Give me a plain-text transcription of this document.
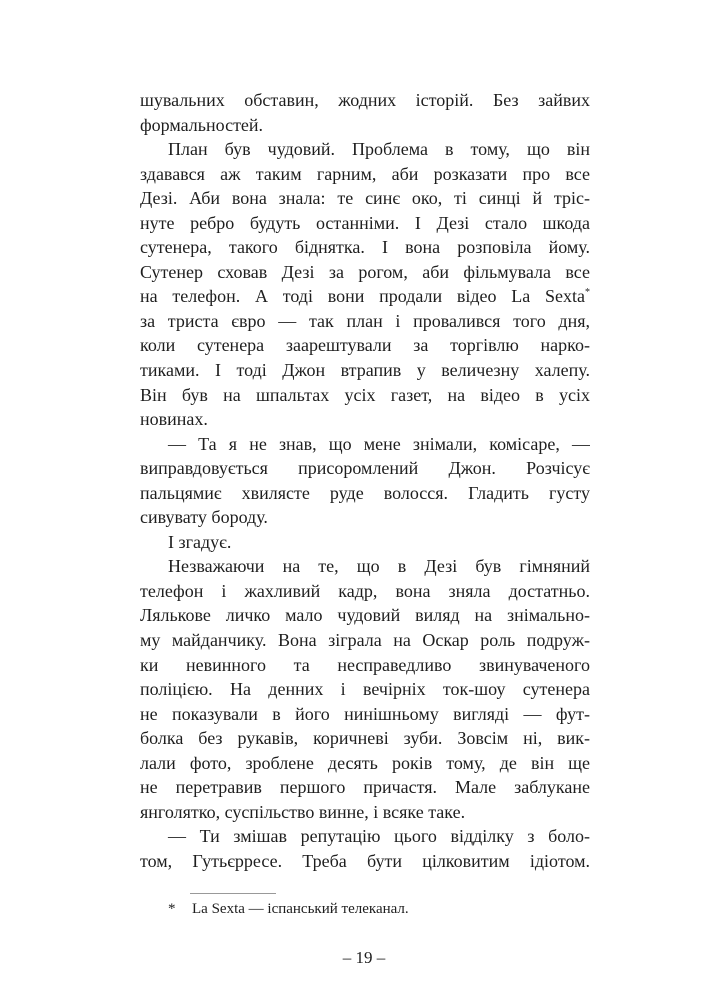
шувальних обставин, жодних історій. Без зайвих
формальностей.
План був чудовий. Проблема в тому, що він
здавався аж таким гарним, аби розказати про все
Дезі. Аби вона знала: те синє око, ті синці й тріс-
нуте ребро будуть останніми. І Дезі стало шкода
сутенера, такого біднятка. І вона розповіла йому.
Сутенер сховав Дезі за рогом, аби фільмувала все
на телефон. А тоді вони продали відео La Sexta*
за триста євро — так план і провалився того дня,
коли сутенера заарештували за торгівлю нарко-
тиками. І тоді Джон втрапив у величезну халепу.
Він був на шпальтах усіх газет, на відео в усіх
новинах.
— Та я не знав, що мене знімали, комісаре, —
виправдовується присоромлений Джон. Розчісує
пальцямиє хвилясте руде волосся. Гладить густу
сивувату бороду.
І згадує.
Незважаючи на те, що в Дезі був гімняний
телефон і жахливий кадр, вона зняла достатньо.
Лялькове личко мало чудовий виляд на знімально-
му майданчику. Вона зіграла на Оскар роль подруж-
ки невинного та несправедливо звинуваченого
поліцією. На денних і вечірніх ток-шоу сутенера
не показували в його нинішньому вигляді — фут-
болка без рукавів, коричневі зуби. Зовсім ні, вик-
лали фото, зроблене десять років тому, де він ще
не перетравив першого причастя. Мале заблукане
янголятко, суспільство винне, і всяке таке.
— Ти змішав репутацію цього відділку з боло-
том, Гутьєрресе. Треба бути цілковитим ідіотом.
* La Sexta — іспанський телеканал.
– 19 –
